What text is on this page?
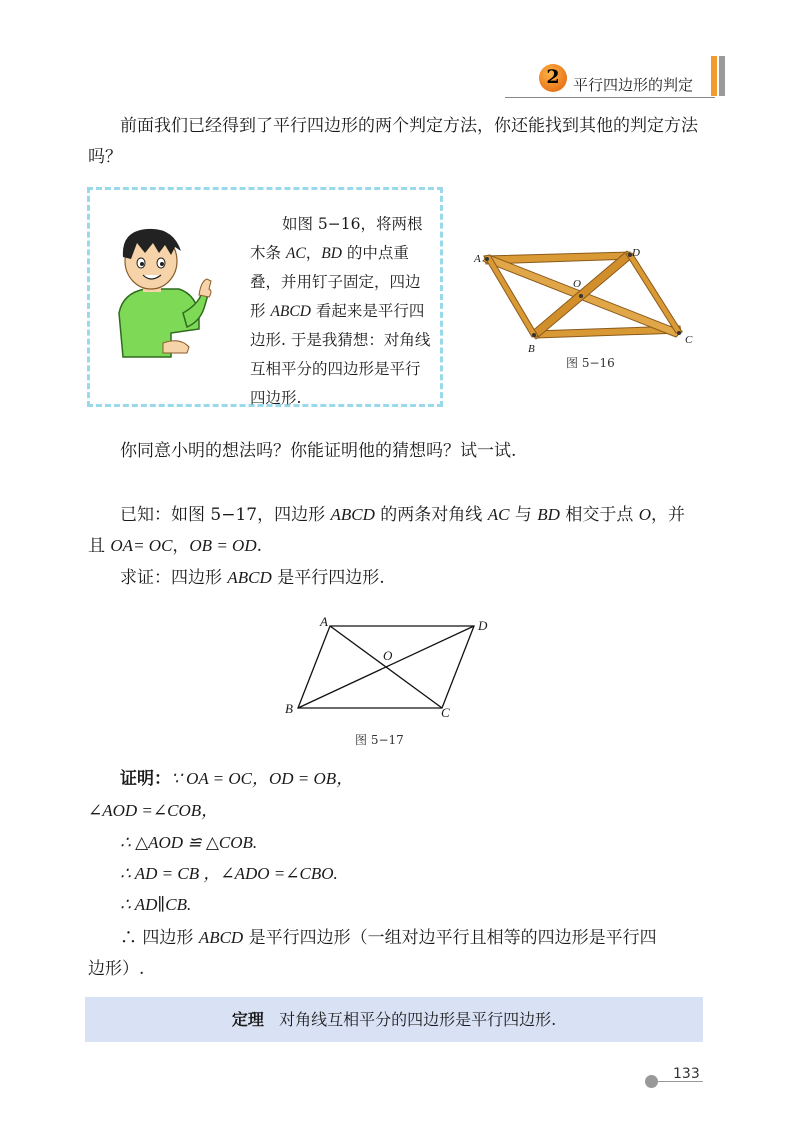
2 平行四边形的判定
前面我们已经得到了平行四边形的两个判定方法，你还能找到其他的判定方法吗？
如图 5−16，将两根木条 AC，BD 的中点重叠，并用钉子固定，四边形 ABCD 看起来是平行四边形. 于是我猜想：对角线互相平分的四边形是平行四边形.
A	D
O
B
C
图 5−16
你同意小明的想法吗？你能证明他的猜想吗？试一试.
已知：如图 5−17，四边形 ABCD 的两条对角线 AC 与 BD 相交于点 O，并
且 OA= OC，OB = OD.
求证：四边形 ABCD 是平行四边形.
A	D
O
B	C
图 5−17
证明：∵ OA = OC，OD = OB，
∠AOD =∠COB，
∴ △AOD ≌ △COB.
∴ AD = CB ，∠ADO =∠CBO.
∴ AD∥CB.
∴ 四边形 ABCD 是平行四边形（一组对边平行且相等的四边形是平行四
边形）.
定理 对角线互相平分的四边形是平行四边形.
133
